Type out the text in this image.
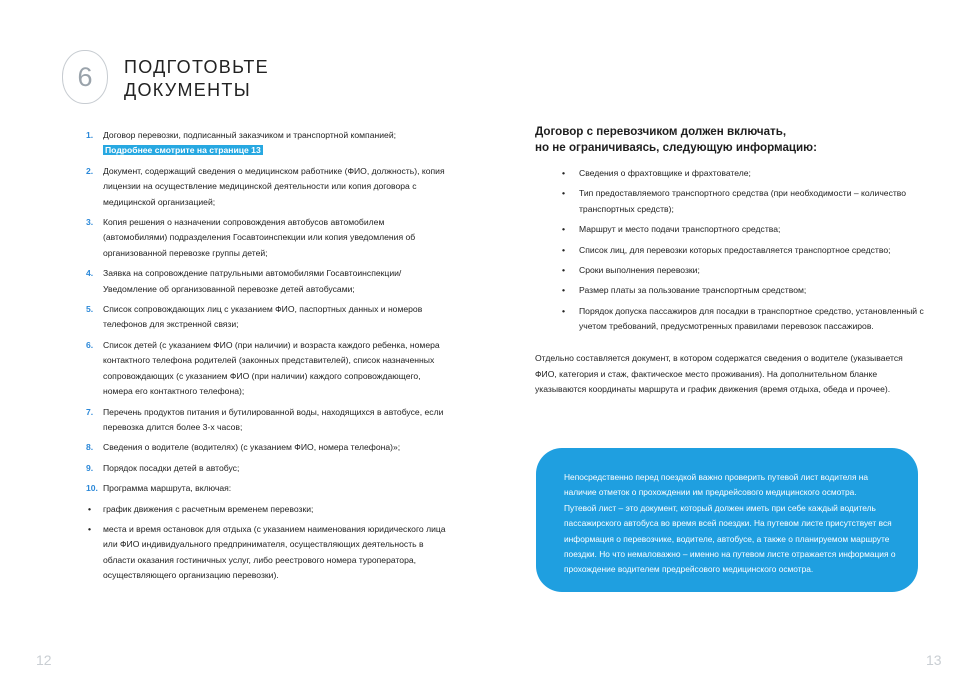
6 ПОДГОТОВЬТЕ
ДОКУМЕНТЫ
1. Договор перевозки, подписанный заказчиком и транспортной компанией;
Подробнее смотрите на странице 13
2. Документ, содержащий сведения о медицинском работнике (ФИО, должность), копия лицензии на осуществление медицинской деятельности или копия договора с медицинской организацией;
3. Копия решения о назначении сопровождения автобусов автомобилем (автомобилями) подразделения Госавтоинспекции или копия уведомления об организованной перевозке группы детей;
4. Заявка на сопровождение патрульными автомобилями Госавтоинспекции/ Уведомление об организованной перевозке детей автобусами;
5. Список сопровождающих лиц с указанием ФИО, паспортных данных и номеров телефонов для экстренной связи;
6. Список детей (с указанием ФИО (при наличии) и возраста каждого ребенка, номера контактного телефона родителей (законных представителей), список назначенных сопровождающих (с указанием ФИО (при наличии) каждого сопровождающего, номера его контактного телефона);
7. Перечень продуктов питания и бутилированной воды, находящихся в автобусе, если перевозка длится более 3-х часов;
8. Сведения о водителе (водителях) (с указанием ФИО, номера телефона)»;
9. Порядок посадки детей в автобус;
10. Программа маршрута, включая:
• график движения с расчетным временем перевозки;
• места и время остановок для отдыха (с указанием наименования юридического лица или ФИО индивидуального предпринимателя, осуществляющих деятельность в области оказания гостиничных услуг, либо реестрового номера туроператора, осуществляющего организацию перевозки).
Договор с перевозчиком должен включать,
но не ограничиваясь, следующую информацию:
• Сведения о фрахтовщике и фрахтователе;
• Тип предоставляемого транспортного средства (при необходимости – количество транспортных средств);
• Маршрут и место подачи транспортного средства;
• Список лиц, для перевозки которых предоставляется транспортное средство;
• Сроки выполнения перевозки;
• Размер платы за пользование транспортным средством;
• Порядок допуска пассажиров для посадки в транспортное средство, установленный с учетом требований, предусмотренных правилами перевозок пассажиров.

Отдельно составляется документ, в котором содержатся сведения о водителе (указывается ФИО, категория и стаж, фактическое место проживания). На дополнительном бланке указываются координаты маршрута и график движения (время отдыха, обеда и прочее).

Непосредственно перед поездкой важно проверить путевой лист водителя на наличие отметок о прохождении им предрейсового медицинского осмотра.

Путевой лист – это документ, который должен иметь при себе каждый водитель пассажирского автобуса во время всей поездки. На путевом листе присутствует вся информация о перевозчике, водителе, автобусе, а также о планируемом маршруте поездки. Но что немаловажно – именно на путевом листе отражается информация о прохождение водителем предрейсового медицинского осмотра.

12	13
